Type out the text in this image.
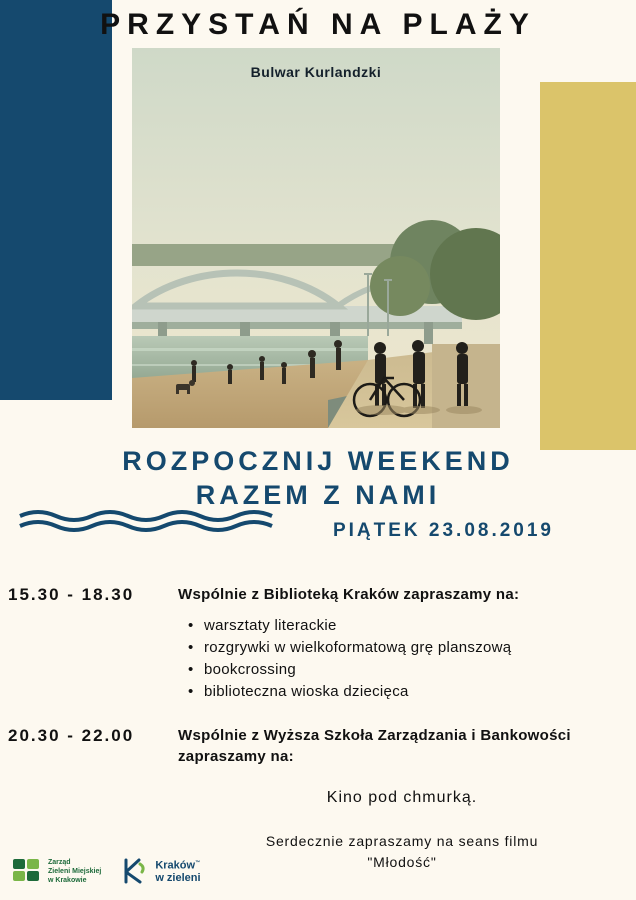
PRZYSTAŃ NA PLAŻY
Bulwar Kurlandzki
ROZPOCZNIJ WEEKEND
RAZEM Z NAMI
PIĄTEK 23.08.2019
15.30 - 18.30	Wspólnie z Biblioteką Kraków zapraszamy na:
• warsztaty literackie
• rozgrywki w wielkoformatową grę planszową
• bookcrossing
• biblioteczna wioska dziecięca
20.30 - 22.00	Wspólnie z Wyższa Szkoła Zarządzania i Bankowości zapraszamy na:
Kino pod chmurką.
Serdecznie zapraszamy na seans filmu
"Młodość"
Zarząd
Zieleni Miejskiej
w Krakowie
Kraków™
w zieleni
